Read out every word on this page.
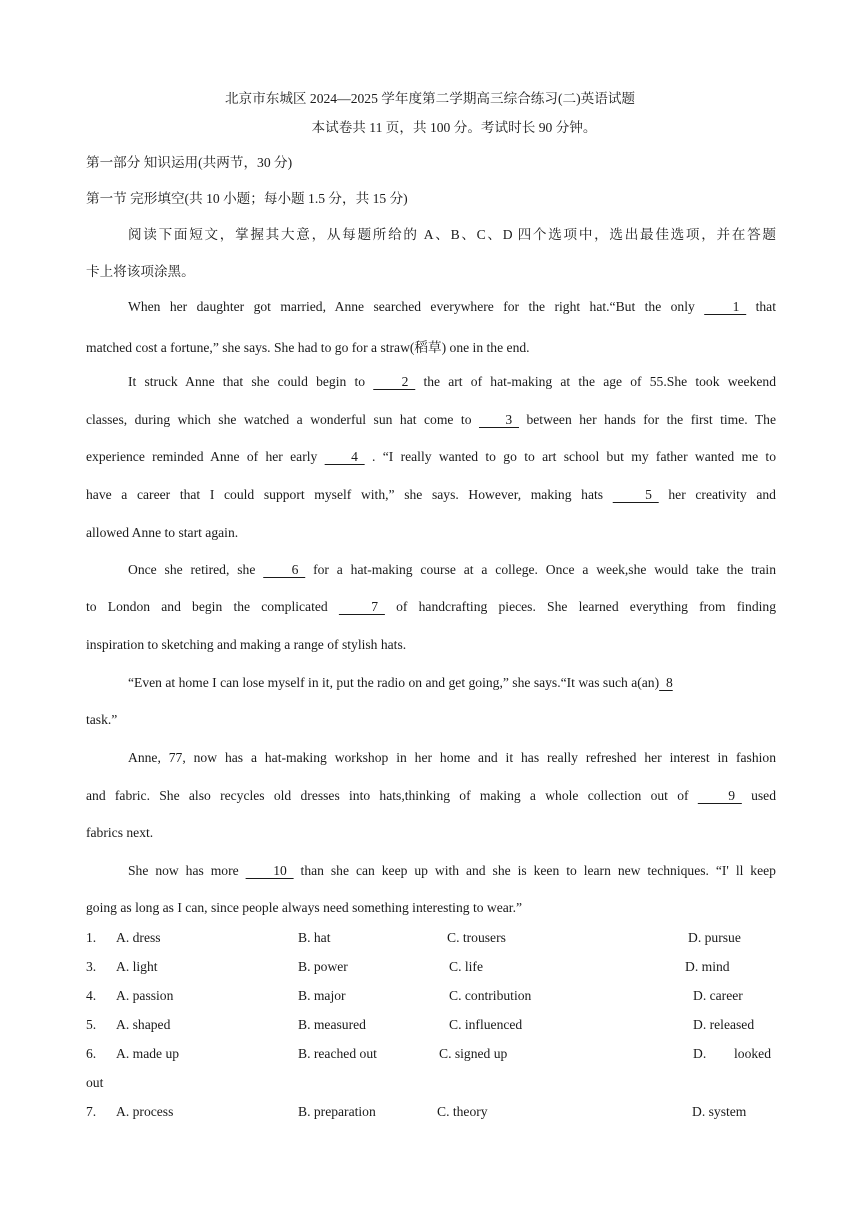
北京市东城区 2024—2025 学年度第二学期高三综合练习(二)英语试题
本试卷共 11 页，共 100 分。考试时长 90 分钟。
第一部分 知识运用(共两节，30 分)
第一节 完形填空(共 10 小题；每小题 1.5 分，共 15 分)
阅读下面短文，掌握其大意，从每题所给的 A、B、C、D 四个选项中，选出最佳选项，并在答题
卡上将该项涂黑。
When her daughter got married, Anne searched everywhere for the right hat.“But the only   1   that
matched cost a fortune,” she says. She had to go for a straw(稻草) one in the end.
It struck Anne that she could begin to   2   the art of hat-making at the age of 55.She took weekend
classes, during which she watched a wonderful sun hat come to   3   between her hands for the first time. The
experience reminded Anne of her early   4   . “I really wanted to go to art school but my father wanted me to
have a career that I could support myself with,” she says. However, making hats   5   her creativity and
allowed Anne to start again.
Once she retired, she   6   for a hat-making course at a college. Once a week,she would take the train
to London and begin the complicated   7   of handcrafting pieces. She learned everything from finding
inspiration to sketching and making a range of stylish hats.
“Even at home I can lose myself in it, put the radio on and get going,” she says.“It was such a(an)  8
task.”
Anne, 77, now has a hat-making workshop in her home and it has really refreshed her interest in fashion
and fabric. She also recycles old dresses into hats,thinking of making a whole collection out of   9   used
fabrics next.
She now has more   10   than she can keep up with and she is keen to learn new techniques. “I' ll keep
going as long as I can, since people always need something interesting to wear.”
1. A. dress	B. hat	C. trousers	D. pursue
3. A. light	B. power	C. life	D. mind
4. A. passion	B. major	C. contribution	D. career
5. A. shaped	B. measured	C. influenced	D. released
6. A. made up	B. reached out	C. signed up	D. looked
out
7. A. process	B. preparation	C. theory	D. system
